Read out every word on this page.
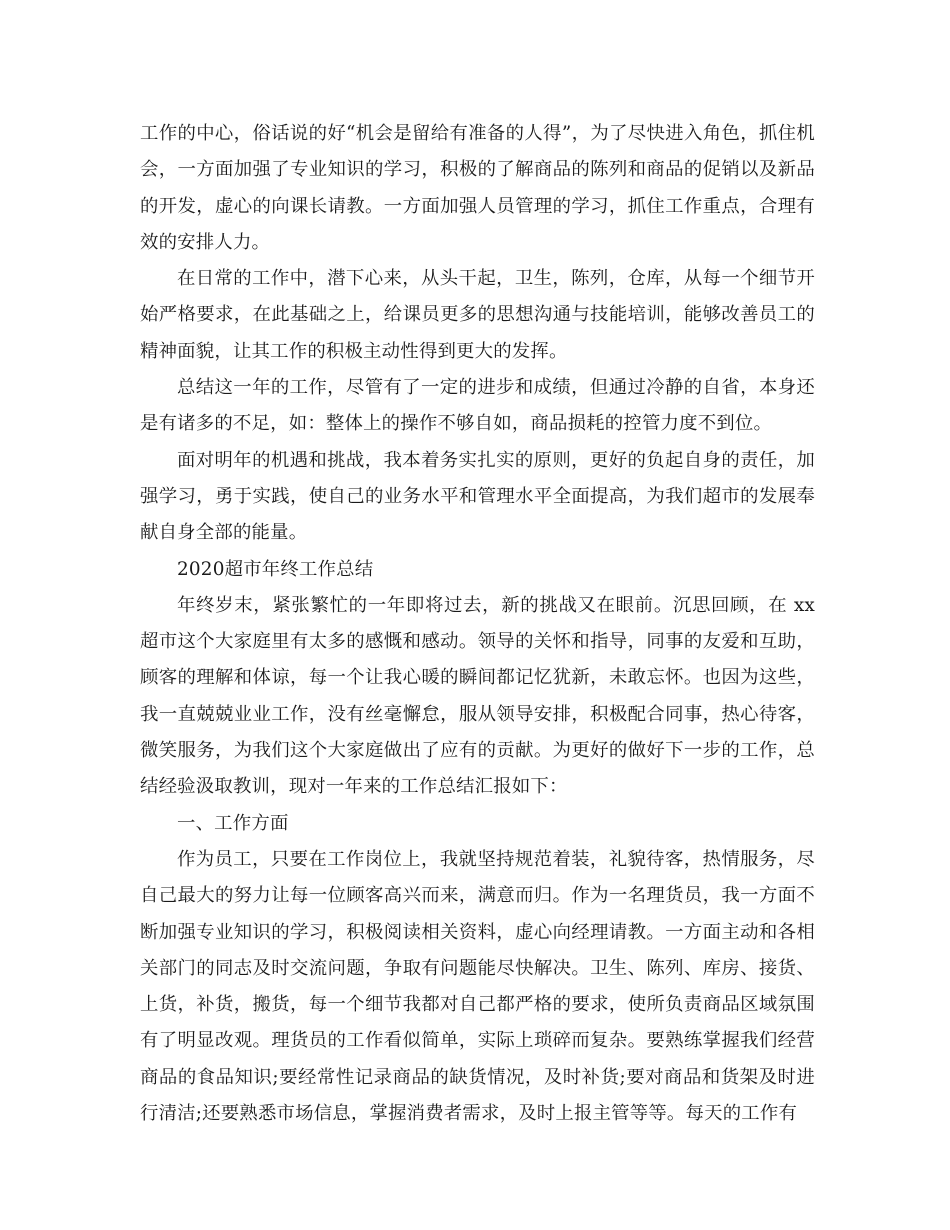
工作的中心，俗话说的好“机会是留给有准备的人得”，为了尽快进入角色，抓住机会，一方面加强了专业知识的学习，积极的了解商品的陈列和商品的促销以及新品的开发，虚心的向课长请教。一方面加强人员管理的学习，抓住工作重点，合理有效的安排人力。

在日常的工作中，潜下心来，从头干起，卫生，陈列，仓库，从每一个细节开始严格要求，在此基础之上，给课员更多的思想沟通与技能培训，能够改善员工的精神面貌，让其工作的积极主动性得到更大的发挥。

总结这一年的工作，尽管有了一定的进步和成绩，但通过冷静的自省，本身还是有诸多的不足，如：整体上的操作不够自如，商品损耗的控管力度不到位。

面对明年的机遇和挑战，我本着务实扎实的原则，更好的负起自身的责任，加强学习，勇于实践，使自己的业务水平和管理水平全面提高，为我们超市的发展奉献自身全部的能量。

2020超市年终工作总结

年终岁末，紧张繁忙的一年即将过去，新的挑战又在眼前。沉思回顾，在 xx 超市这个大家庭里有太多的感慨和感动。领导的关怀和指导，同事的友爱和互助，顾客的理解和体谅，每一个让我心暖的瞬间都记忆犹新，未敢忘怀。也因为这些，我一直兢兢业业工作，没有丝毫懈怠，服从领导安排，积极配合同事，热心待客，微笑服务，为我们这个大家庭做出了应有的贡献。为更好的做好下一步的工作，总结经验汲取教训，现对一年来的工作总结汇报如下：

一、工作方面

作为员工，只要在工作岗位上，我就坚持规范着装，礼貌待客，热情服务，尽自己最大的努力让每一位顾客高兴而来，满意而归。作为一名理货员，我一方面不断加强专业知识的学习，积极阅读相关资料，虚心向经理请教。一方面主动和各相关部门的同志及时交流问题，争取有问题能尽快解决。卫生、陈列、库房、接货、上货，补货，搬货，每一个细节我都对自己都严格的要求，使所负责商品区域氛围有了明显改观。理货员的工作看似简单，实际上琐碎而复杂。要熟练掌握我们经营商品的食品知识;要经常性记录商品的缺货情况，及时补货;要对商品和货架及时进行清洁;还要熟悉市场信息，掌握消费者需求，及时上报主管等等。每天的工作有
